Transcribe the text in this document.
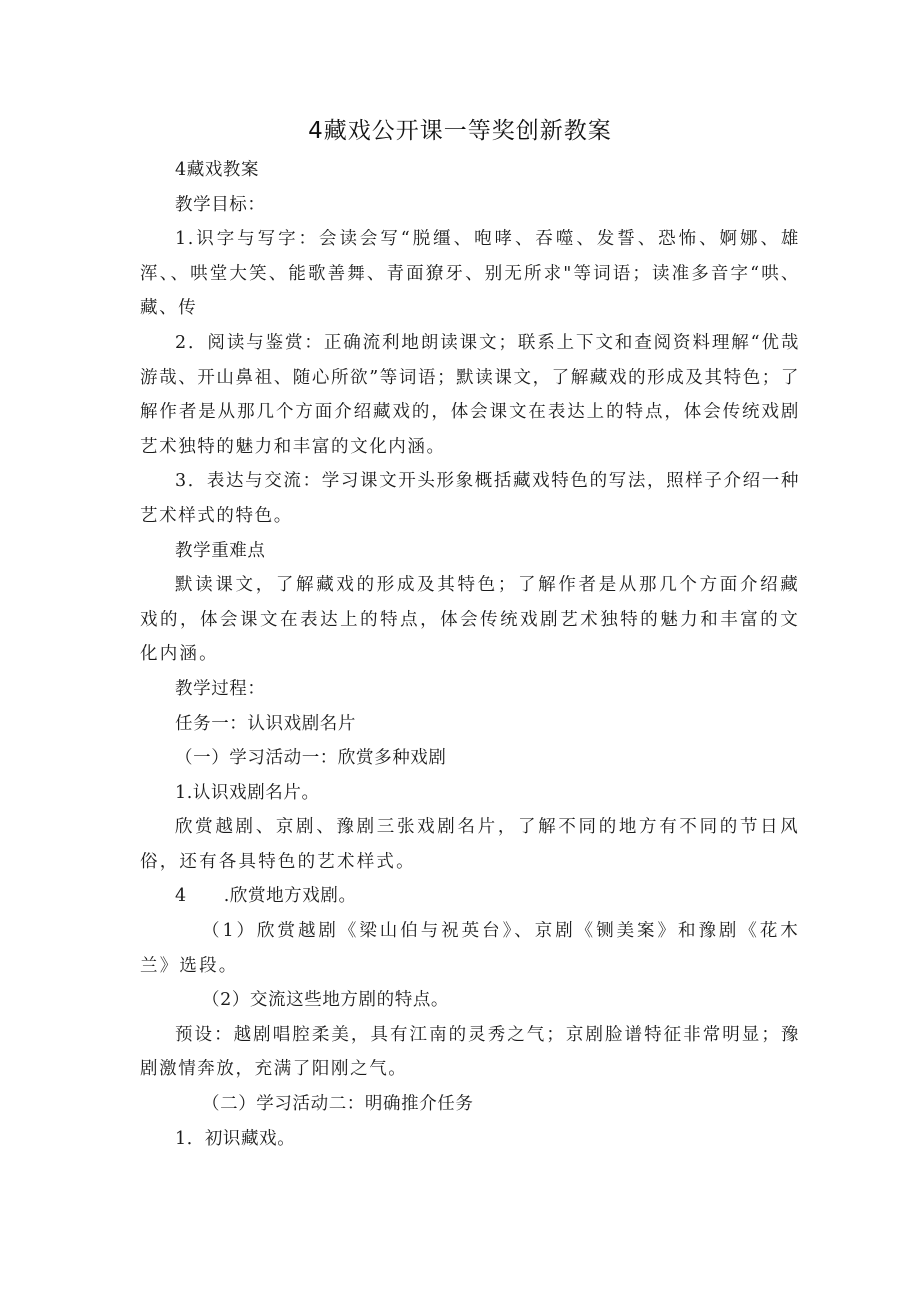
4藏戏公开课一等奖创新教案

4藏戏教案

教学目标：

1.识字与写字：会读会写“脱缰、咆哮、吞噬、发誓、恐怖、婀娜、雄浑、、哄堂大笑、能歌善舞、青面獠牙、别无所求"等词语；读准多音字“哄、藏、传

2．阅读与鉴赏：正确流利地朗读课文；联系上下文和查阅资料理解“优哉游哉、开山鼻祖、随心所欲”等词语；默读课文，了解藏戏的形成及其特色；了解作者是从那几个方面介绍藏戏的，体会课文在表达上的特点，体会传统戏剧艺术独特的魅力和丰富的文化内涵。

3．表达与交流：学习课文开头形象概括藏戏特色的写法，照样子介绍一种艺术样式的特色。

教学重难点

默读课文，了解藏戏的形成及其特色；了解作者是从那几个方面介绍藏戏的，体会课文在表达上的特点，体会传统戏剧艺术独特的魅力和丰富的文化内涵。

教学过程：

任务一：认识戏剧名片

（一）学习活动一：欣赏多种戏剧

1.认识戏剧名片。

欣赏越剧、京剧、豫剧三张戏剧名片，了解不同的地方有不同的节日风俗，还有各具特色的艺术样式。

4      .欣赏地方戏剧。

（1）欣赏越剧《梁山伯与祝英台》、京剧《铡美案》和豫剧《花木兰》选段。

（2）交流这些地方剧的特点。

预设：越剧唱腔柔美，具有江南的灵秀之气；京剧脸谱特征非常明显；豫剧激情奔放，充满了阳刚之气。

（二）学习活动二：明确推介任务

1．初识藏戏。
